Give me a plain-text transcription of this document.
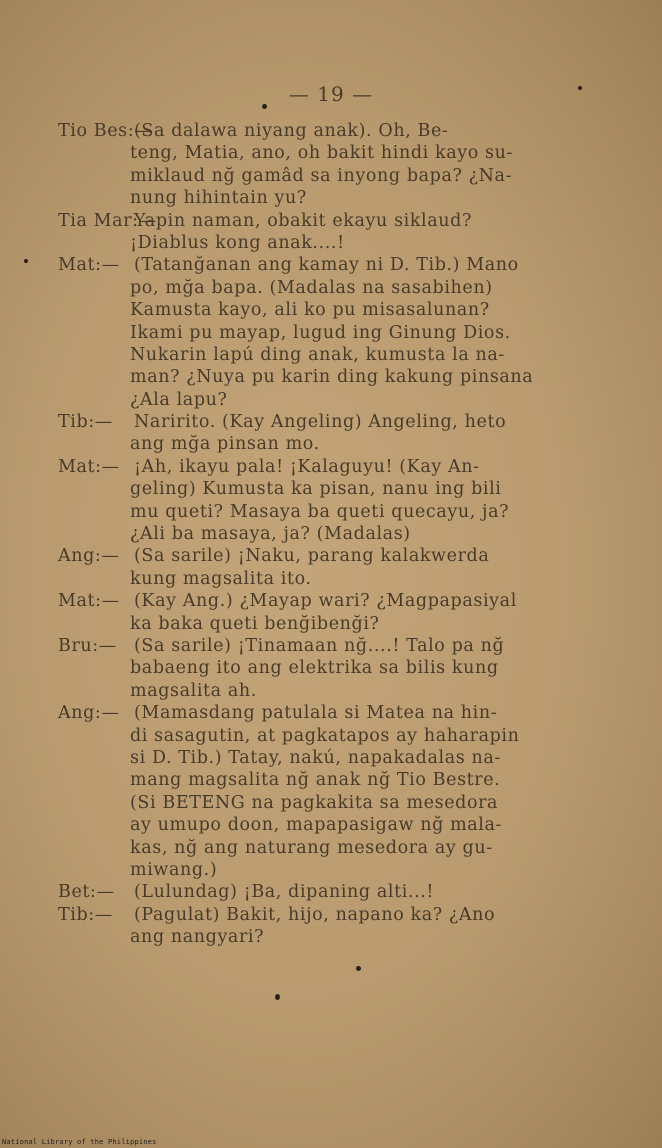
— 19 —
Tio Bes:—(Sa dalawa niyang anak). Oh, Be-
teng, Matia, ano, oh bakit hindi kayo su-
miklaud nğ gamâd sa inyong bapa? ¿Na-
nung hihintain yu?
Tia Mar:—Yapin naman, obakit ekayu siklaud?
¡Diablus kong anak....!
Mat:— (Tatanğanan ang kamay ni D. Tib.) Mano
po, mğa bapa. (Madalas na sasabihen)
Kamusta kayo, ali ko pu misasalunan?
Ikami pu mayap, lugud ing Ginung Dios.
Nukarin lapú ding anak, kumusta la na-
man? ¿Nuya pu karin ding kakung pinsana
¿Ala lapu?
Tib:— Naririto. (Kay Angeling) Angeling, heto
ang mğa pinsan mo.
Mat:— ¡Ah, ikayu pala! ¡Kalaguyu! (Kay An-
geling) Kumusta ka pisan, nanu ing bili
mu queti? Masaya ba queti quecayu, ja?
¿Ali ba masaya, ja? (Madalas)
Ang:— (Sa sarile) ¡Naku, parang kalakwerda
kung magsalita ito.
Mat:— (Kay Ang.) ¿Mayap wari? ¿Magpapasiyal
ka baka queti benğibenği?
Bru:— (Sa sarile) ¡Tinamaan nğ....! Talo pa nğ
babaeng ito ang elektrika sa bilis kung
magsalita ah.
Ang:— (Mamasdang patulala si Matea na hin-
di sasagutin, at pagkatapos ay haharapin
si D. Tib.) Tatay, nakú, napakadalas na-
mang magsalita nğ anak nğ Tio Bestre.
(Si BETENG na pagkakita sa mesedora
ay umupo doon, mapapasigaw nğ mala-
kas, nğ ang naturang mesedora ay gu-
miwang.)
Bet:— (Lulundag) ¡Ba, dipaning alti...!
Tib:— (Pagulat) Bakit, hijo, napano ka? ¿Ano
ang nangyari?
National Library of the Philippines
